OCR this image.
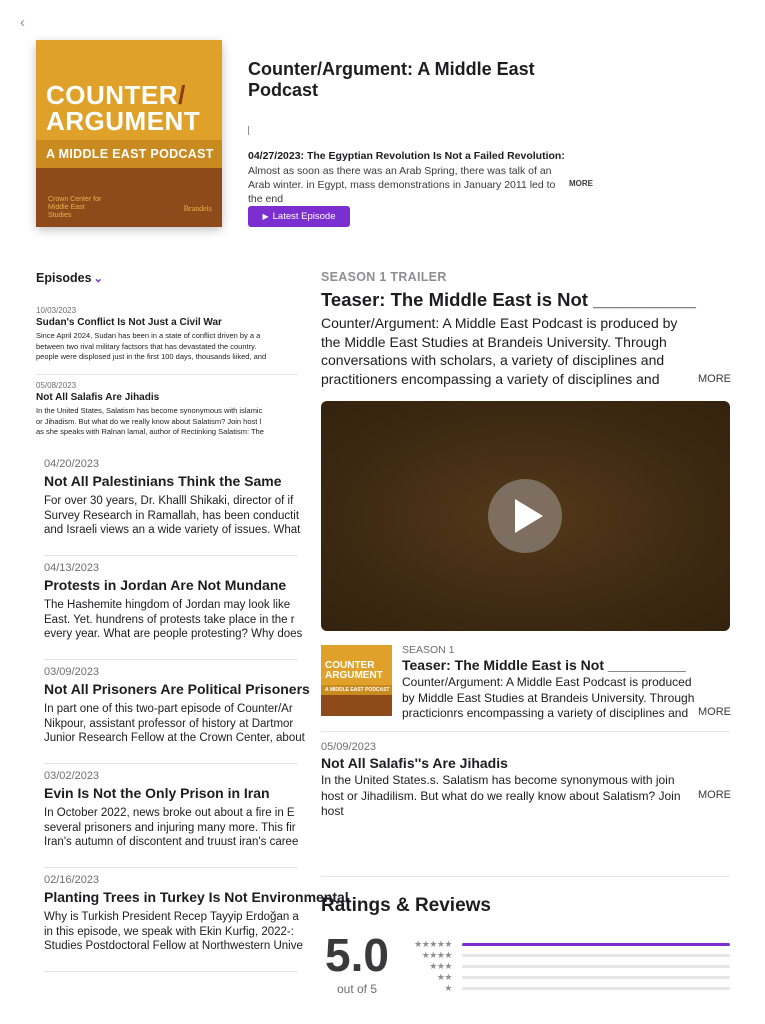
‹
COUNTER/
ARGUMENT
A MIDDLE EAST PODCAST
Crown Center for Middle East Studies
Brandeis
Counter/Argument: A Middle East Podcast
04/27/2023: The Egyptian Revolution Is Not a Failed Revolution:
Almost as soon as there was an Arab Spring, there was talk of an Arab winter. in Egypt, mass demonstrations in January 2011 led to the end
MORE
▶ Latest Episode
Episodes ⌄
10/03/2023
Sudan's Conflict Is Not Just a Civil War
Since April 2024, Sudan has been in a state of conflict driven by a a
between two rival military factsors that has devastated the country.
people were displosed just in the first 100 days, thousands liiked, and
05/08/2023
Not All Salafis Are Jihadis
In the United States, Salatism has become synonymous with islamic
or Jihadism. But what do we really know about Salatism? Join host l
as she speaks with Ralnan lamal, author of Rectinking Salatism: The
04/20/2023
Not All Palestinians Think the Same
For over 30 years, Dr. Khalll Shikaki, director of if
Survey Research in Ramallah, has been conductit
and Israeli views an a wide variety of issues. What
04/13/2023
Protests in Jordan Are Not Mundane
The Hashemite hingdom of Jordan may look like
East. Yet. hundrens of protests take place in the r
every year. What are people protesting? Why does
03/09/2023
Not All Prisoners Are Political Prisoners
In part one of this two-part episode of Counter/Ar
Nikpour, assistant professor of history at Dartmor
Junior Research Fellow at the Crown Center, about
03/02/2023
Evin Is Not the Only Prison in Iran
In October 2022, news broke out about a fire in E
several prisoners and injuring many more. This fir
Iran's autumn of discontent and truust iran's caree
02/16/2023
Planting Trees in Turkey Is Not Environmental
Why is Turkish President Recep Tayyip Erdoğan a
in this episode, we speak with Ekin Kurfig, 2022-:
Studies Postdoctoral Fellow at Northwestern Unive
SEASON 1 TRAILER
Teaser: The Middle East is Not __________
Counter/Argument: A Middle East Podcast is produced by the Middle East Studies at Brandeis University. Through conversations with scholars, a variety of disciplines and practitioners encompassing a variety of disciplines and	MORE
COUNTER
ARGUMENT
A MIDDLE EAST PODCAST
SEASON 1
Teaser: The Middle East is Not __________
Counter/Argument: A Middle East Podcast is produced by Middle East Studies at Brandeis University. Through practicionrs encompassing a variety of disciplines and MORE
05/09/2023
Not All Salafis''s Are Jihadis
In the United States.s. Salatism has become synonymous with join host or Jihadilism. But what do we really know about Salatism? Join host
MORE
Ratings & Reviews
5.0
out of 5
★★★★★
★★★★
★★★
★★
★
